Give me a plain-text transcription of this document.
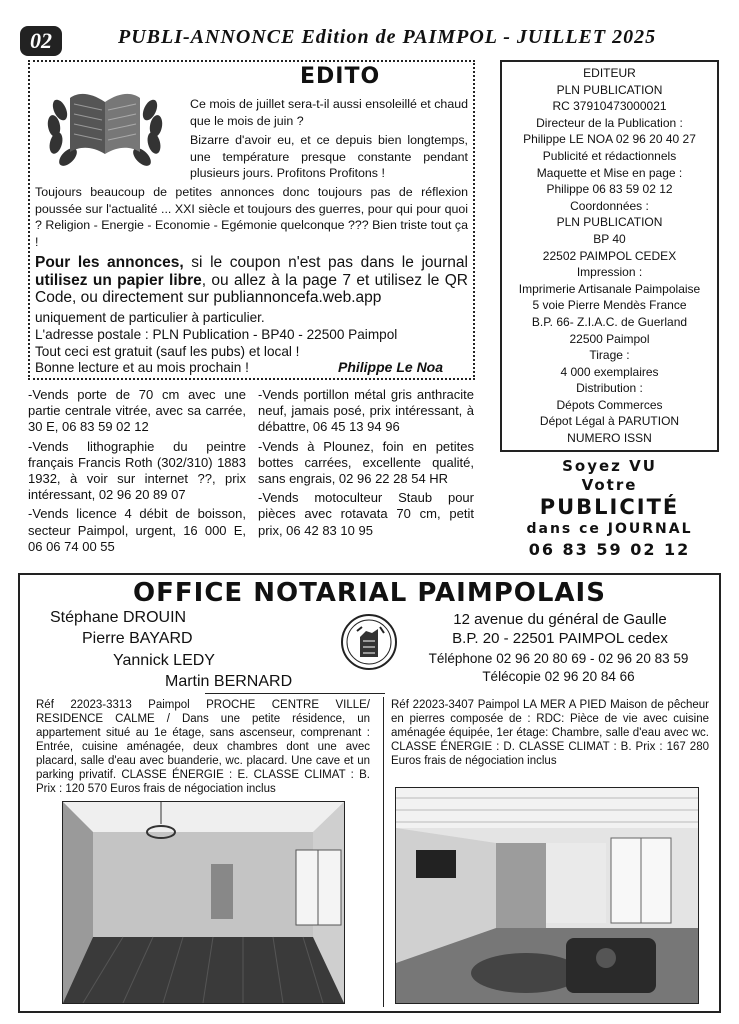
02	PUBLI-ANNONCE Edition de PAIMPOL - JUILLET 2025
EDITO
Ce mois de juillet sera-t-il aussi ensoleillé et chaud que le mois de juin ?
Bizarre d'avoir eu, et ce depuis bien longtemps, une température presque constante pendant plusieurs jours. Profitons Profitons !
Toujours beaucoup de petites annonces donc toujours pas de réflexion poussée sur l'actualité ... XXI siècle et toujours des guerres, pour qui pour quoi ? Religion - Energie - Economie - Egémonie quelconque ??? Bien triste tout ça !
Pour les annonces, si le coupon n'est pas dans le journal utilisez un papier libre, ou allez à la page 7 et utilisez le QR Code, ou directement sur publiannoncefa.web.app
uniquement de particulier à particulier.
L'adresse postale : PLN Publication - BP40 - 22500 Paimpol
Tout ceci est gratuit (sauf les pubs) et local !
Bonne lecture et au mois prochain !	Philippe Le Noa
EDITEUR
PLN PUBLICATION
RC 37910473000021
Directeur de la Publication :
Philippe LE NOA 02 96 20 40 27
Publicité et rédactionnels
Maquette et Mise en page :
Philippe 06 83 59 02 12
Coordonnées :
PLN PUBLICATION
BP 40
22502 PAIMPOL CEDEX
Impression :
Imprimerie Artisanale Paimpolaise
5 voie Pierre Mendès France
B.P. 66- Z.I.A.C. de Guerland
22500 Paimpol
Tirage :
4 000 exemplaires
Distribution :
Dépots Commerces
Dépot Légal à PARUTION
NUMERO ISSN

-Vends porte de 70 cm avec une partie centrale vitrée, avec sa carrée, 30 E, 06 83 59 02 12

-Vends lithographie du peintre français Francis Roth (302/310) 1883 1932, à voir sur internet ??, prix intéressant, 02 96 20 89 07

-Vends licence 4 débit de boisson, secteur Paimpol, urgent, 16 000 E, 06 06 74 00 55

-Vends portillon métal gris anthracite neuf, jamais posé, prix intéressant, à débattre, 06 45 13 94 96

-Vends à Plounez, foin en petites bottes carrées, excellente qualité, sans engrais, 02 96 22 28 54 HR

-Vends motoculteur Staub pour pièces avec rotavata 70 cm, petit prix, 06 42 83 10 95

Soyez VU
Votre
PUBLICITÉ
dans ce JOURNAL
06 83 59 02 12
OFFICE NOTARIAL PAIMPOLAIS
Stéphane DROUIN
Pierre BAYARD
Yannick LEDY
Martin BERNARD
12 avenue du général de Gaulle
B.P. 20 - 22501 PAIMPOL cedex
Téléphone 02 96 20 80 69 - 02 96 20 83 59
Télécopie 02 96 20 84 66
Réf 22023-3313 Paimpol PROCHE CENTRE VILLE/ RESIDENCE CALME / Dans une petite résidence, un appartement situé au 1e étage, sans ascenseur, comprenant : Entrée, cuisine aménagée, deux chambres dont une avec placard, salle d'eau avec buanderie, wc. placard. Une cave et un parking privatif. CLASSE ÉNERGIE : E. CLASSE CLIMAT : B. Prix : 120 570 Euros frais de négociation inclus
Réf 22023-3407 Paimpol LA MER A PIED Maison de pêcheur en pierres composée de : RDC: Pièce de vie avec cuisine aménagée équipée, 1er étage: Chambre, salle d'eau avec wc. CLASSE ÉNERGIE : D. CLASSE CLIMAT : B. Prix : 167 280 Euros frais de négociation inclus
